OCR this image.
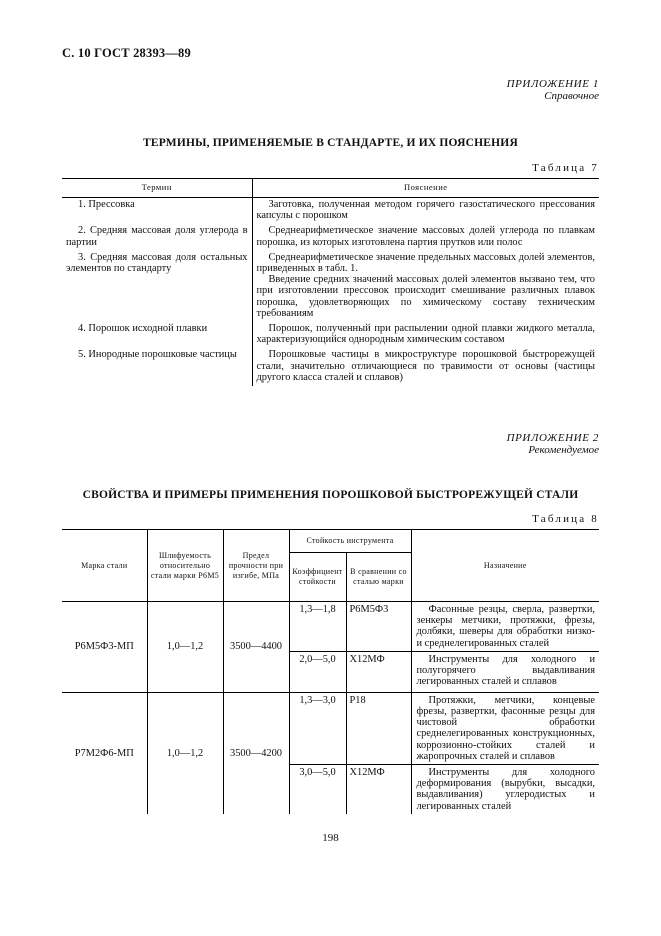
С. 10 ГОСТ 28393—89
ПРИЛОЖЕНИЕ 1
Справочное
ТЕРМИНЫ, ПРИМЕНЯЕМЫЕ В СТАНДАРТЕ, И ИХ ПОЯСНЕНИЯ
Таблица 7
Термин	Пояснение
1. Прессовка	Заготовка, полученная методом горячего газостатического прессования капсулы с порошком
2. Средняя массовая доля углерода в партии	Среднеарифметическое значение массовых долей углерода по плавкам порошка, из которых изготовлена партия прутков или полос
3. Средняя массовая доля остальных элементов по стандарту	Среднеарифметическое значение предельных массовых долей элементов, приведенных в табл. 1.
Введение средних значений массовых долей элементов вызвано тем, что при изготовлении прессовок происходит смешивание различных плавок порошка, удовлетворяющих по химическому составу техническим требованиям

4. Порошок исходной плавки	Порошок, полученный при распылении одной плавки жидкого металла, характеризующийся однородным химическим составом
5. Инородные порошковые частицы	Порошковые частицы в микроструктуре порошковой быстрорежущей стали, значительно отличающиеся по травимости от основы (частицы другого класса сталей и сплавов)
ПРИЛОЖЕНИЕ 2
Рекомендуемое
СВОЙСТВА И ПРИМЕРЫ ПРИМЕНЕНИЯ ПОРОШКОВОЙ БЫСТРОРЕЖУЩЕЙ СТАЛИ
Таблица 8
Марка стали	Шлифуемость относительно стали марки Р6М5	Предел прочности при изгибе, МПа	Стойкость инструмента		Назначение
			Коэффициент стойкости	В сравнении со сталью марки	
Р6М5Ф3-МП	1,0—1,2	3500—4400	1,3—1,8	Р6М5Ф3	Фасонные резцы, сверла, развертки, зенкеры метчики, протяжки, фрезы, долбяки, шеверы для обработки низко- и среднелегированных сталей
			2,0—5,0	Х12МФ	Инструменты для холодного и полугорячего выдавливания легированных сталей и сплавов
Р7М2Ф6-МП	1,0—1,2	3500—4200	1,3—3,0	Р18	Протяжки, метчики, концевые фрезы, развертки, фасонные резцы для чистовой обработки среднелегированных конструкционных, коррозионно-стойких сталей и жаропрочных сталей и сплавов
			3,0—5,0	Х12МФ	Инструменты для холодного деформирования (вырубки, высадки, выдавливания) углеродистых и легированных сталей
198
